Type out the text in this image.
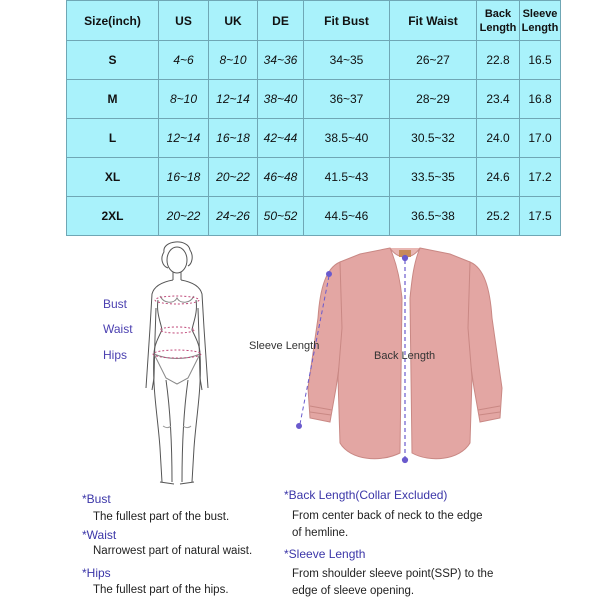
Size(inch)	US	UK	DE	Fit Bust	Fit Waist	Back Length	Sleeve Length
S	4~6	8~10	34~36	34~35	26~27	22.8	16.5
M	8~10	12~14	38~40	36~37	28~29	23.4	16.8
L	12~14	16~18	42~44	38.5~40	30.5~32	24.0	17.0
XL	16~18	20~22	46~48	41.5~43	33.5~35	24.6	17.2
2XL	20~22	24~26	50~52	44.5~46	36.5~38	25.2	17.5
Bust
Waist
Hips
Sleeve Length
Back Length
*Bust
The fullest part of the bust.
*Waist
Narrowest part of natural waist.
*Hips
The fullest part of the hips.
*Back Length(Collar Excluded)
From center back of neck to the edge
of hemline.
*Sleeve Length
From shoulder sleeve point(SSP) to the
edge of sleeve opening.
